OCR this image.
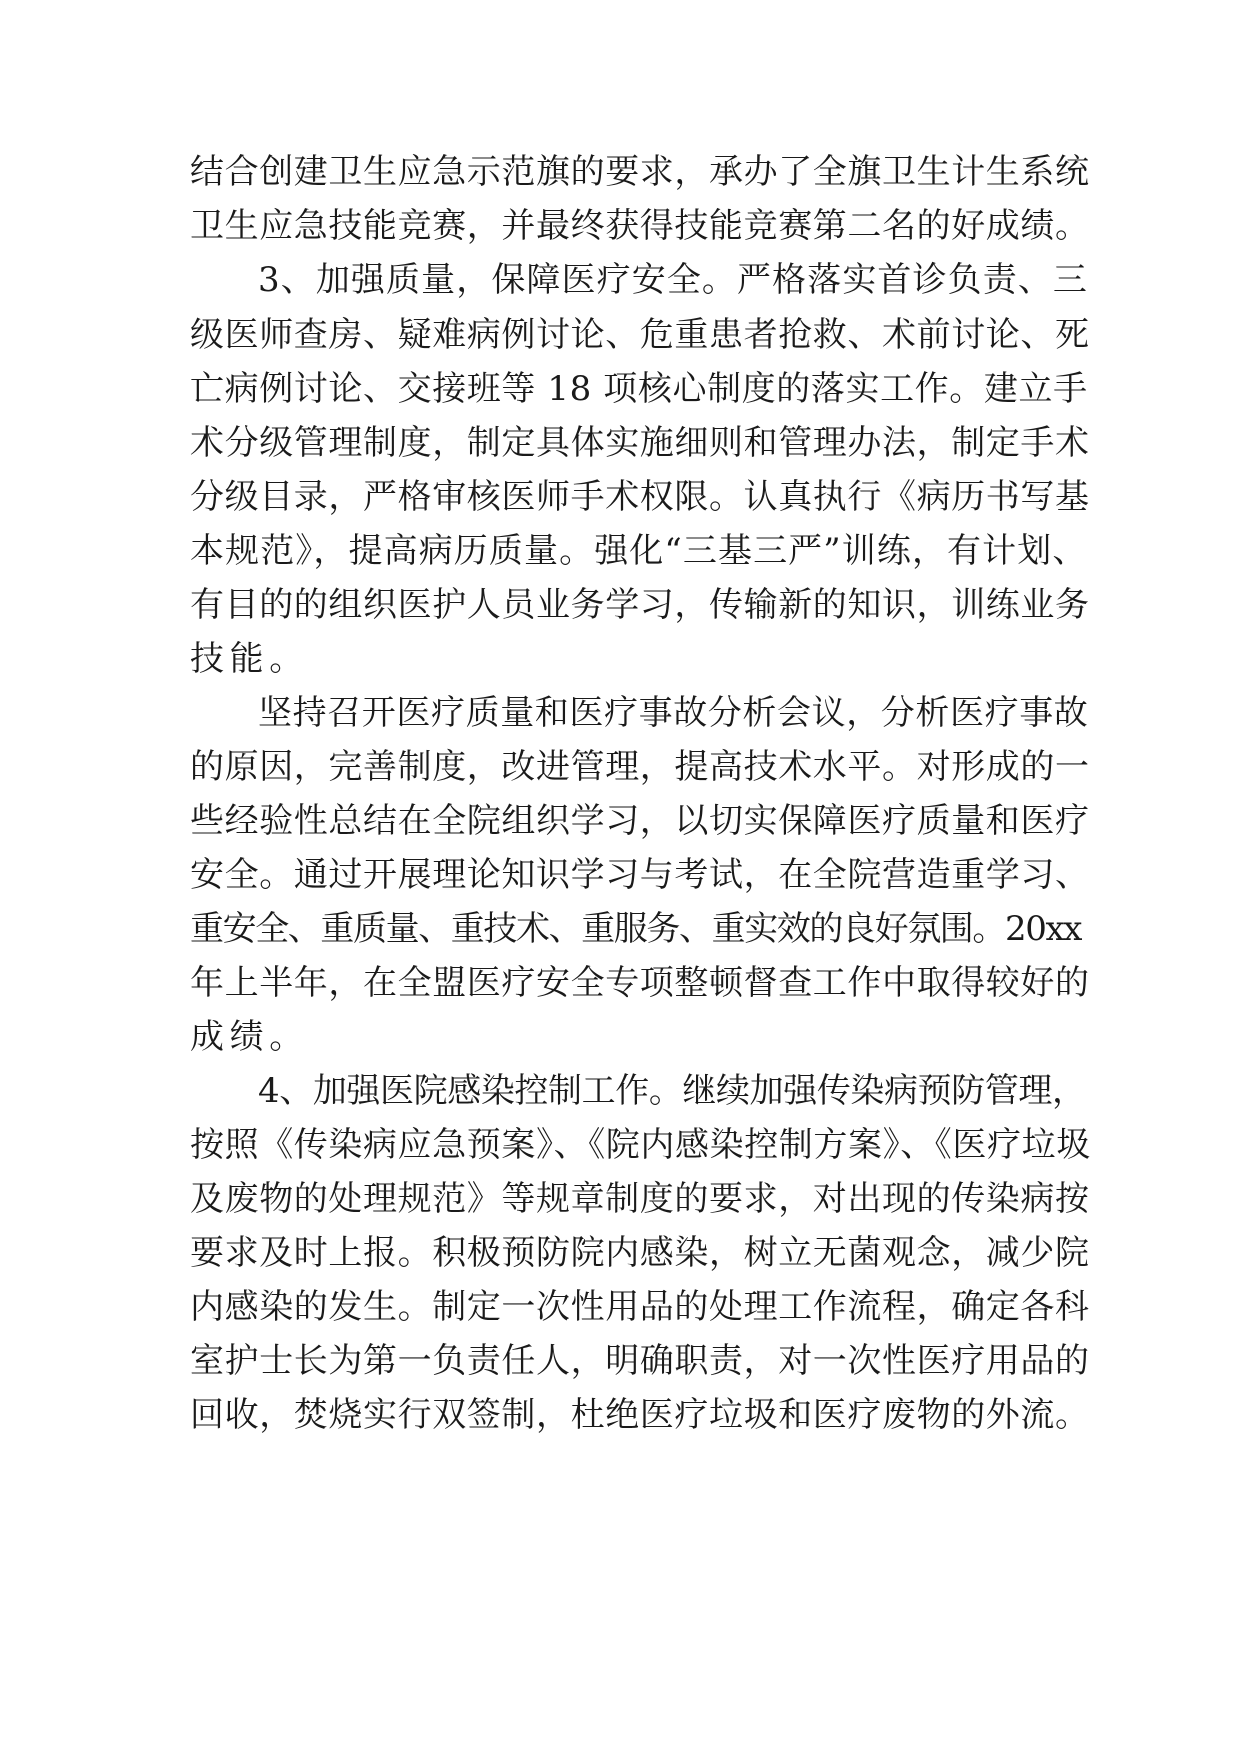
结合创建卫生应急示范旗的要求，承办了全旗卫生计生系统
卫生应急技能竞赛，并最终获得技能竞赛第二名的好成绩。
3、加强质量，保障医疗安全。严格落实首诊负责、三
级医师查房、疑难病例讨论、危重患者抢救、术前讨论、死
亡病例讨论、交接班等 18 项核心制度的落实工作。建立手
术分级管理制度，制定具体实施细则和管理办法，制定手术
分级目录，严格审核医师手术权限。认真执行《病历书写基
本规范》，提高病历质量。强化“三基三严”训练，有计划、
有目的的组织医护人员业务学习，传输新的知识，训练业务
技能。
坚持召开医疗质量和医疗事故分析会议，分析医疗事故
的原因，完善制度，改进管理，提高技术水平。对形成的一
些经验性总结在全院组织学习，以切实保障医疗质量和医疗
安全。通过开展理论知识学习与考试，在全院营造重学习、
重安全、重质量、重技术、重服务、重实效的良好氛围。20xx
年上半年，在全盟医疗安全专项整顿督查工作中取得较好的
成绩。
4、加强医院感染控制工作。继续加强传染病预防管理，
按照《传染病应急预案》、《院内感染控制方案》、《医疗垃圾
及废物的处理规范》等规章制度的要求，对出现的传染病按
要求及时上报。积极预防院内感染，树立无菌观念，减少院
内感染的发生。制定一次性用品的处理工作流程，确定各科
室护士长为第一负责任人，明确职责，对一次性医疗用品的
回收，焚烧实行双签制，杜绝医疗垃圾和医疗废物的外流。
